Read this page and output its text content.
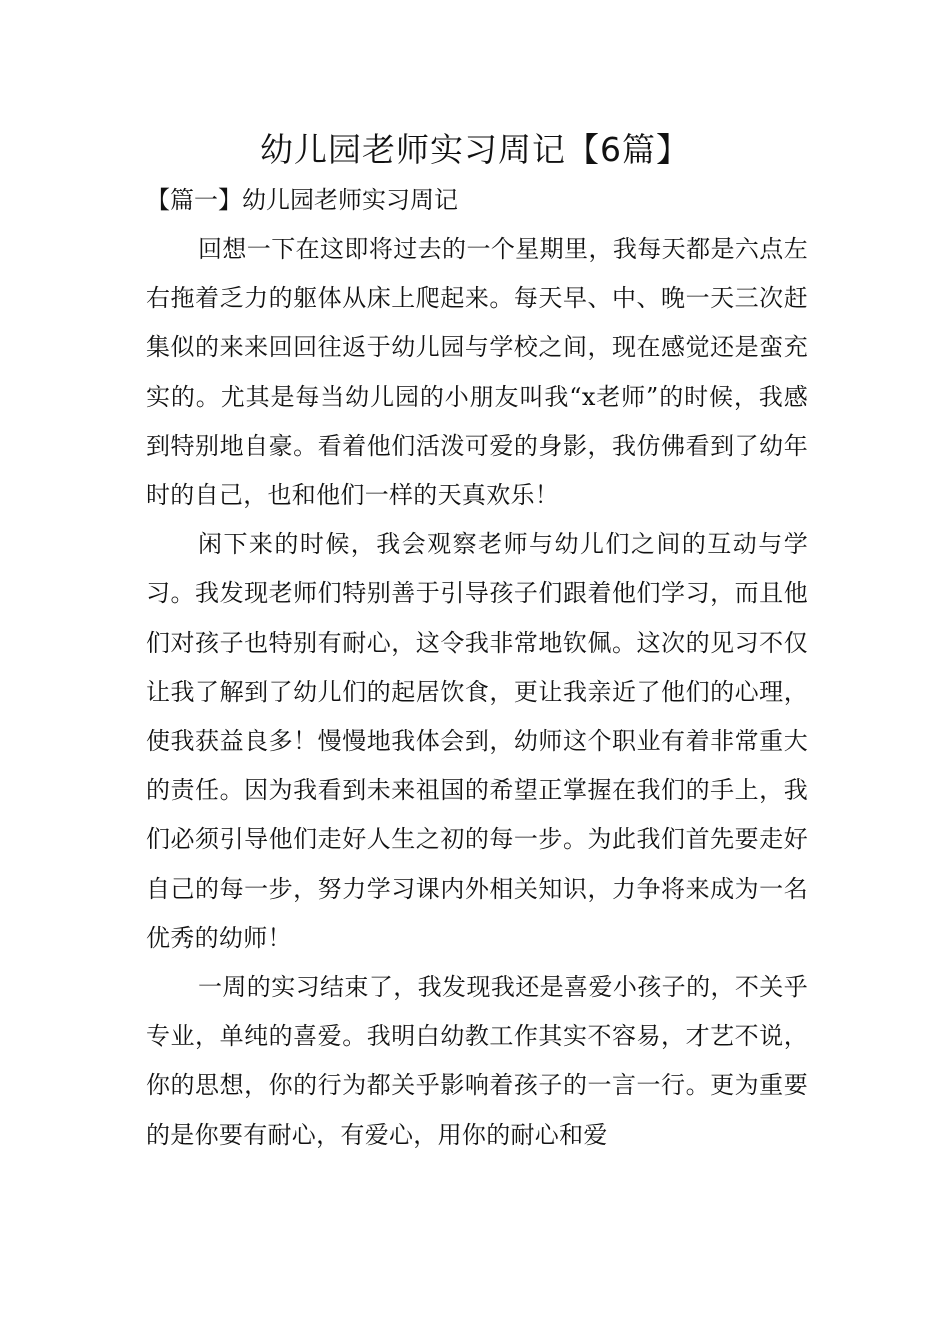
幼儿园老师实习周记【6篇】
【篇一】幼儿园老师实习周记

回想一下在这即将过去的一个星期里，我每天都是六点左右拖着乏力的躯体从床上爬起来。每天早、中、晚一天三次赶集似的来来回回往返于幼儿园与学校之间，现在感觉还是蛮充实的。尤其是每当幼儿园的小朋友叫我“x老师”的时候，我感到特别地自豪。看着他们活泼可爱的身影，我仿佛看到了幼年时的自己，也和他们一样的天真欢乐！

闲下来的时候，我会观察老师与幼儿们之间的互动与学习。我发现老师们特别善于引导孩子们跟着他们学习，而且他们对孩子也特别有耐心，这令我非常地钦佩。这次的见习不仅让我了解到了幼儿们的起居饮食，更让我亲近了他们的心理，使我获益良多！慢慢地我体会到，幼师这个职业有着非常重大的责任。因为我看到未来祖国的希望正掌握在我们的手上，我们必须引导他们走好人生之初的每一步。为此我们首先要走好自己的每一步，努力学习课内外相关知识，力争将来成为一名优秀的幼师！

一周的实习结束了，我发现我还是喜爱小孩子的，不关乎专业，单纯的喜爱。我明白幼教工作其实不容易，才艺不说，你的思想，你的行为都关乎影响着孩子的一言一行。更为重要的是你要有耐心，有爱心，用你的耐心和爱
